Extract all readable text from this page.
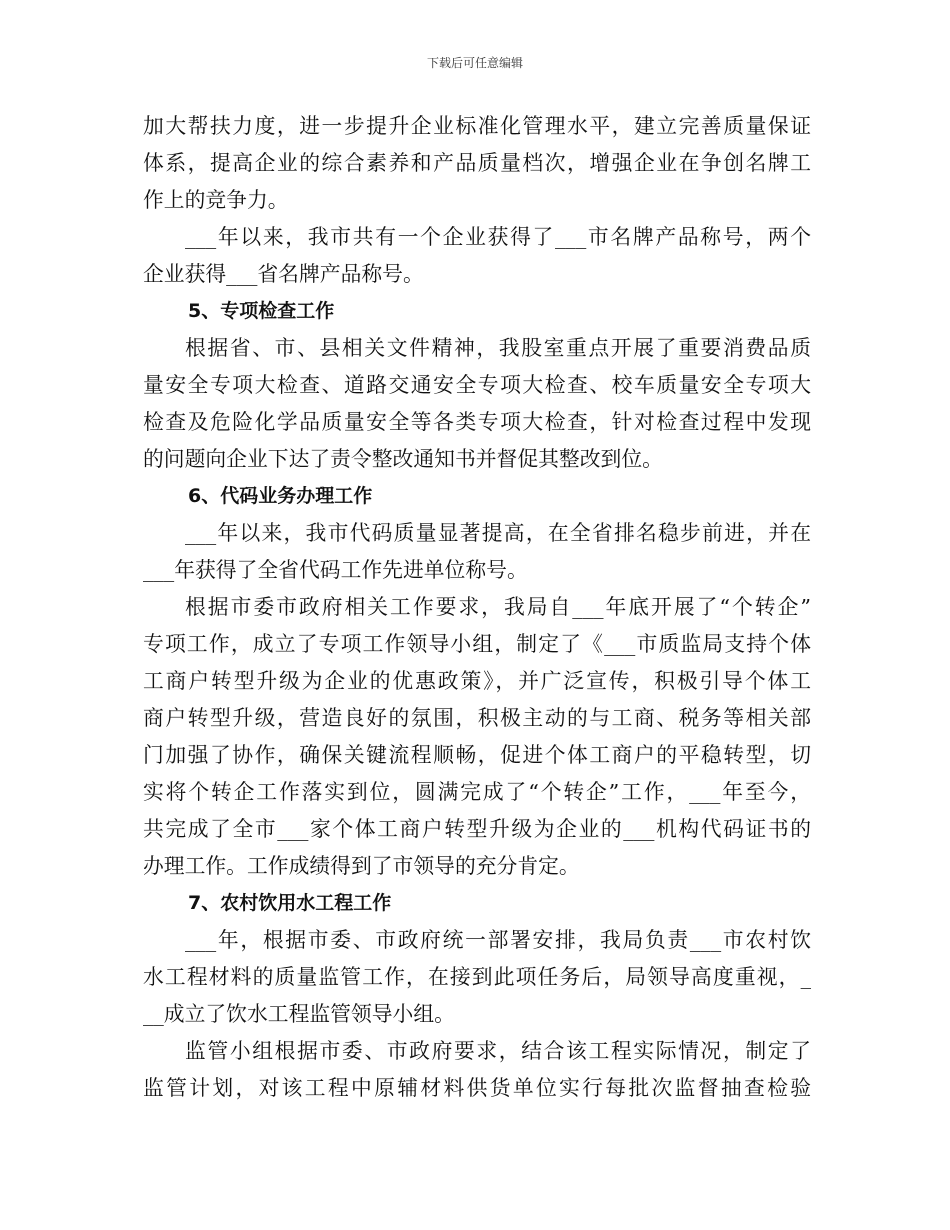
下载后可任意编辑
加大帮扶力度，进一步提升企业标准化管理水平，建立完善质量保证
体系，提高企业的综合素养和产品质量档次，增强企业在争创名牌工
作上的竞争力。
___年以来，我市共有一个企业获得了___市名牌产品称号，两个
企业获得___省名牌产品称号。
5、专项检查工作
根据省、市、县相关文件精神，我股室重点开展了重要消费品质
量安全专项大检查、道路交通安全专项大检查、校车质量安全专项大
检查及危险化学品质量安全等各类专项大检查，针对检查过程中发现
的问题向企业下达了责令整改通知书并督促其整改到位。
6、代码业务办理工作
___年以来，我市代码质量显著提高，在全省排名稳步前进，并在
___年获得了全省代码工作先进单位称号。
根据市委市政府相关工作要求，我局自___年底开展了“个转企”
专项工作，成立了专项工作领导小组，制定了《___市质监局支持个体
工商户转型升级为企业的优惠政策》，并广泛宣传，积极引导个体工
商户转型升级，营造良好的氛围，积极主动的与工商、税务等相关部
门加强了协作，确保关键流程顺畅，促进个体工商户的平稳转型，切
实将个转企工作落实到位，圆满完成了“个转企”工作，___年至今，
共完成了全市___家个体工商户转型升级为企业的___机构代码证书的
办理工作。工作成绩得到了市领导的充分肯定。
7、农村饮用水工程工作
___年，根据市委、市政府统一部署安排，我局负责___市农村饮
水工程材料的质量监管工作，在接到此项任务后，局领导高度重视，_
__成立了饮水工程监管领导小组。
监管小组根据市委、市政府要求，结合该工程实际情况，制定了
监管计划，对该工程中原辅材料供货单位实行每批次监督抽查检验
